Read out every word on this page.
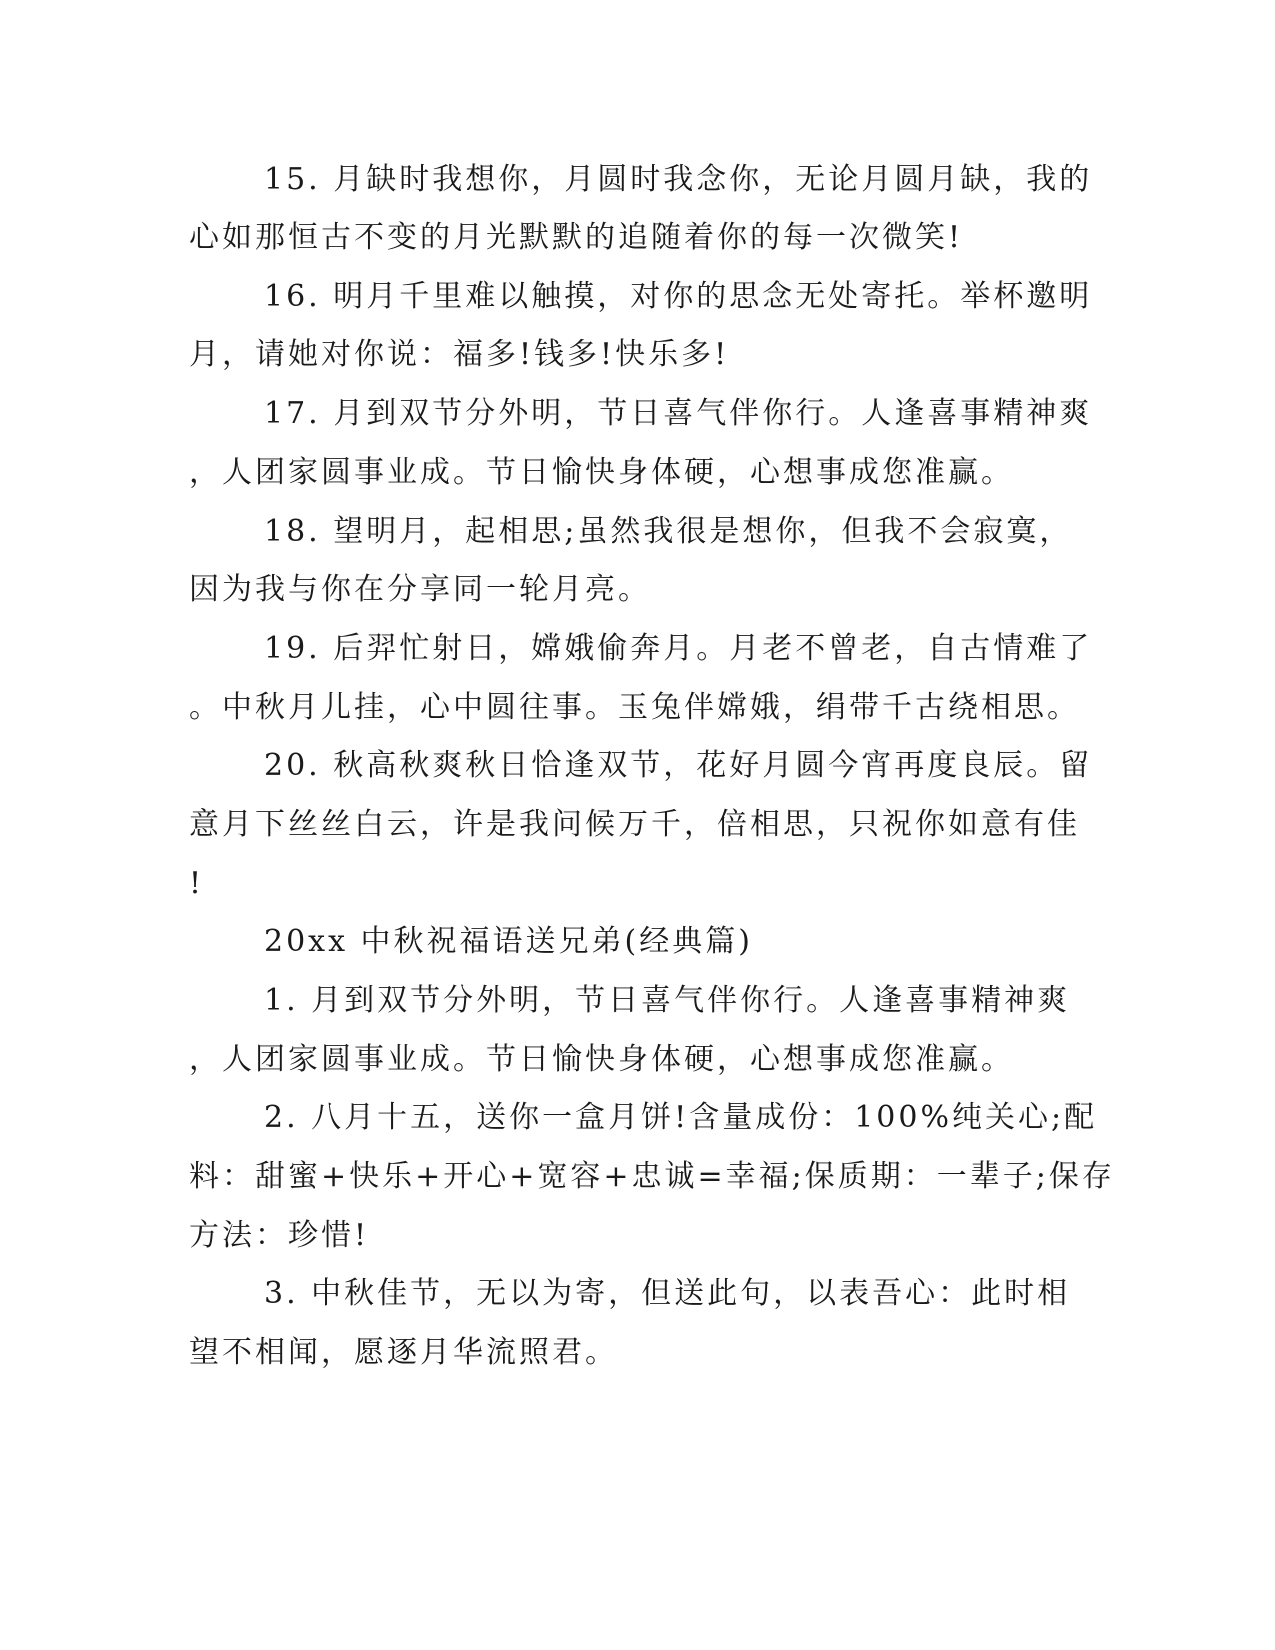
15. 月缺时我想你，月圆时我念你，无论月圆月缺，我的
心如那恒古不变的月光默默的追随着你的每一次微笑!
16. 明月千里难以触摸，对你的思念无处寄托。举杯邀明
月，请她对你说：福多!钱多!快乐多!
17. 月到双节分外明，节日喜气伴你行。人逢喜事精神爽
，人团家圆事业成。节日愉快身体硬，心想事成您准赢。
18. 望明月，起相思;虽然我很是想你，但我不会寂寞，
因为我与你在分享同一轮月亮。
19. 后羿忙射日，嫦娥偷奔月。月老不曾老，自古情难了
。中秋月儿挂，心中圆往事。玉兔伴嫦娥，绢带千古绕相思。
20. 秋高秋爽秋日恰逢双节，花好月圆今宵再度良辰。留
意月下丝丝白云，许是我问候万千，倍相思，只祝你如意有佳
!
20xx 中秋祝福语送兄弟(经典篇)
1. 月到双节分外明，节日喜气伴你行。人逢喜事精神爽
，人团家圆事业成。节日愉快身体硬，心想事成您准赢。
2. 八月十五，送你一盒月饼!含量成份：100%纯关心;配
料：甜蜜+快乐+开心+宽容+忠诚=幸福;保质期：一辈子;保存
方法：珍惜!
3. 中秋佳节，无以为寄，但送此句，以表吾心：此时相
望不相闻，愿逐月华流照君。
